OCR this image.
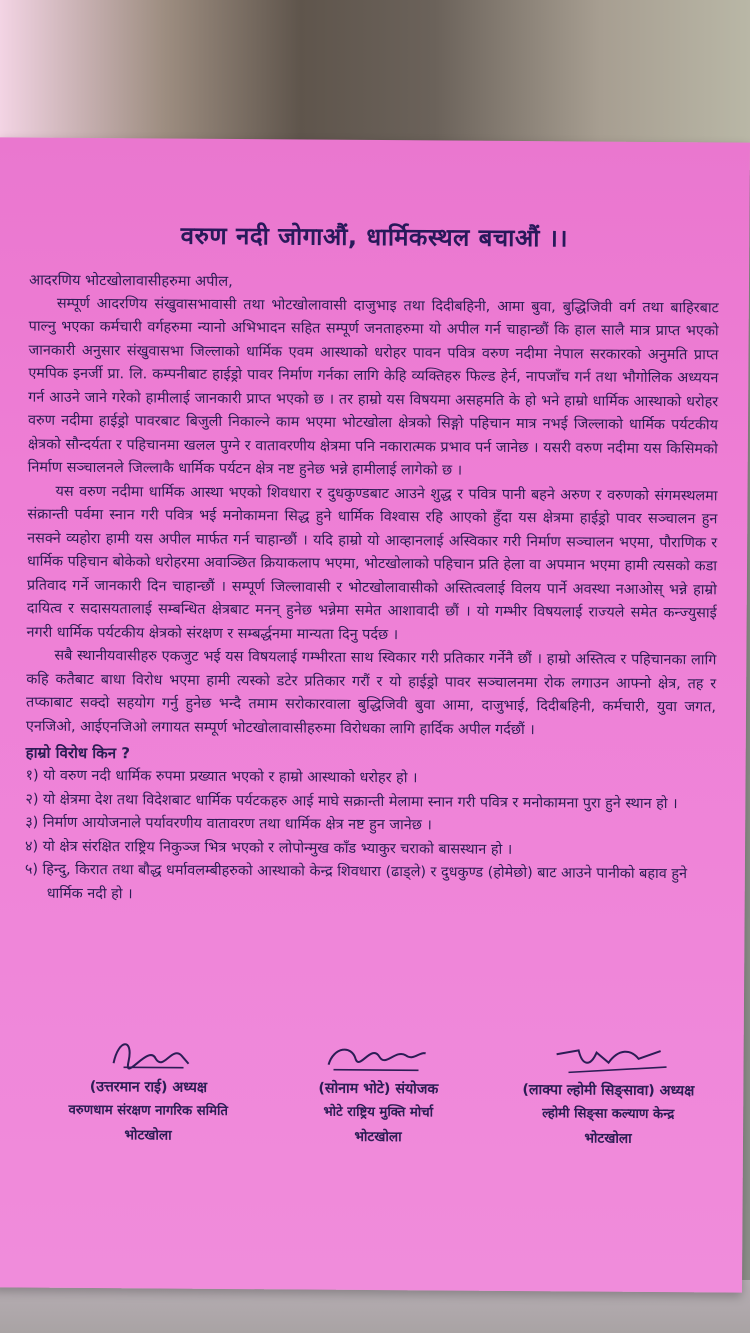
वरुण नदी जोगाऔं, धार्मिकस्थल बचाऔं ।।

आदरणिय भोटखोलावासीहरुमा अपील,

सम्पूर्ण आदरणिय संखुवासभावासी तथा भोटखोलावासी दाजुभाइ तथा दिदीबहिनी, आमा बुवा, बुद्धिजिवी वर्ग तथा बाहिरबाट पाल्नु भएका कर्मचारी वर्गहरुमा न्यानो अभिभादन सहित सम्पूर्ण जनताहरुमा यो अपील गर्न चाहान्छौं कि हाल सालै मात्र प्राप्त भएको जानकारी अनुसार संखुवासभा जिल्लाको धार्मिक एवम आस्थाको धरोहर पावन पवित्र वरुण नदीमा नेपाल सरकारको अनुमति प्राप्त एमपिक इनर्जी प्रा. लि. कम्पनीबाट हाईड्रो पावर निर्माण गर्नका लागि केहि व्यक्तिहरु फिल्ड हेर्न, नापजाँच गर्न तथा भौगोलिक अध्ययन गर्न आउने जाने गरेको हामीलाई जानकारी प्राप्त भएको छ । तर हाम्रो यस विषयमा असहमति के हो भने हाम्रो धार्मिक आस्थाको धरोहर वरुण नदीमा हाईड्रो पावरबाट बिजुली निकाल्ने काम भएमा भोटखोला क्षेत्रको सिङ्गो पहिचान मात्र नभई जिल्लाको धार्मिक पर्यटकीय क्षेत्रको सौन्दर्यता र पहिचानमा खलल पुग्ने र वातावरणीय क्षेत्रमा पनि नकारात्मक प्रभाव पर्न जानेछ । यसरी वरुण नदीमा यस किसिमको निर्माण सञ्चालनले जिल्लाकै धार्मिक पर्यटन क्षेत्र नष्ट हुनेछ भन्ने हामीलाई लागेको छ ।

यस वरुण नदीमा धार्मिक आस्था भएको शिवधारा र दुधकुण्डबाट आउने शुद्ध र पवित्र पानी बहने अरुण र वरुणको संगमस्थलमा संक्रान्ती पर्वमा स्नान गरी पवित्र भई मनोकामना सिद्ध हुने धार्मिक विश्वास रहि आएको हुँदा यस क्षेत्रमा हाईड्रो पावर सञ्चालन हुन नसक्ने व्यहोरा हामी यस अपील मार्फत गर्न चाहान्छौं । यदि हाम्रो यो आव्हानलाई अस्विकार गरी निर्माण सञ्चालन भएमा, पौराणिक र धार्मिक पहिचान बोकेको धरोहरमा अवाञ्छित क्रियाकलाप भएमा, भोटखोलाको पहिचान प्रति हेला वा अपमान भएमा हामी त्यसको कडा प्रतिवाद गर्ने जानकारी दिन चाहान्छौं । सम्पूर्ण जिल्लावासी र भोटखोलावासीको अस्तित्वलाई विलय पार्ने अवस्था नआओस् भन्ने हाम्रो दायित्व र सदासयतालाई सम्बन्धित क्षेत्रबाट मनन् हुनेछ भन्नेमा समेत आशावादी छौं । यो गम्भीर विषयलाई राज्यले समेत कन्ज्युसाई नगरी धार्मिक पर्यटकीय क्षेत्रको संरक्षण र सम्बर्द्धनमा मान्यता दिनु पर्दछ ।

सबै स्थानीयवासीहरु एकजुट भई यस विषयलाई गम्भीरता साथ स्विकार गरी प्रतिकार गर्नेनै छौं । हाम्रो अस्तित्व र पहिचानका लागि कहि कतैबाट बाधा विरोध भएमा हामी त्यस्को डटेर प्रतिकार गरौं र यो हाईड्रो पावर सञ्चालनमा रोक लगाउन आफ्नो क्षेत्र, तह र तप्काबाट सक्दो सहयोग गर्नु हुनेछ भन्दै तमाम सरोकारवाला बुद्धिजिवी बुवा आमा, दाजुभाई, दिदीबहिनी, कर्मचारी, युवा जगत, एनजिओ, आईएनजिओ लगायत सम्पूर्ण भोटखोलावासीहरुमा विरोधका लागि हार्दिक अपील गर्दछौं ।

हाम्रो विरोध किन ?

१) यो वरुण नदी धार्मिक रुपमा प्रख्यात भएको र हाम्रो आस्थाको धरोहर हो ।
२) यो क्षेत्रमा देश तथा विदेशबाट धार्मिक पर्यटकहरु आई माघे सक्रान्ती मेलामा स्नान गरी पवित्र र मनोकामना पुरा हुने स्थान हो ।
३) निर्माण आयोजनाले पर्यावरणीय वातावरण तथा धार्मिक क्षेत्र नष्ट हुन जानेछ ।
४) यो क्षेत्र संरक्षित राष्ट्रिय निकुञ्ज भित्र भएको र लोपोन्मुख काँड भ्याकुर चराको बासस्थान हो ।
५) हिन्दु, किरात तथा बौद्ध धर्मावलम्बीहरुको आस्थाको केन्द्र शिवधारा (ढाड्ले) र दुधकुण्ड (होमेछो) बाट आउने पानीको बहाव हुने धार्मिक नदी हो ।
(उत्तरमान राई) अध्यक्ष
वरुणधाम संरक्षण नागरिक समिति
भोटखोला
(सोनाम भोटे) संयोजक
भोटे राष्ट्रिय मुक्ति मोर्चा
भोटखोला
(लाक्पा ल्होमी सिङ्सावा) अध्यक्ष
ल्होमी सिङ्सा कल्याण केन्द्र
भोटखोला
